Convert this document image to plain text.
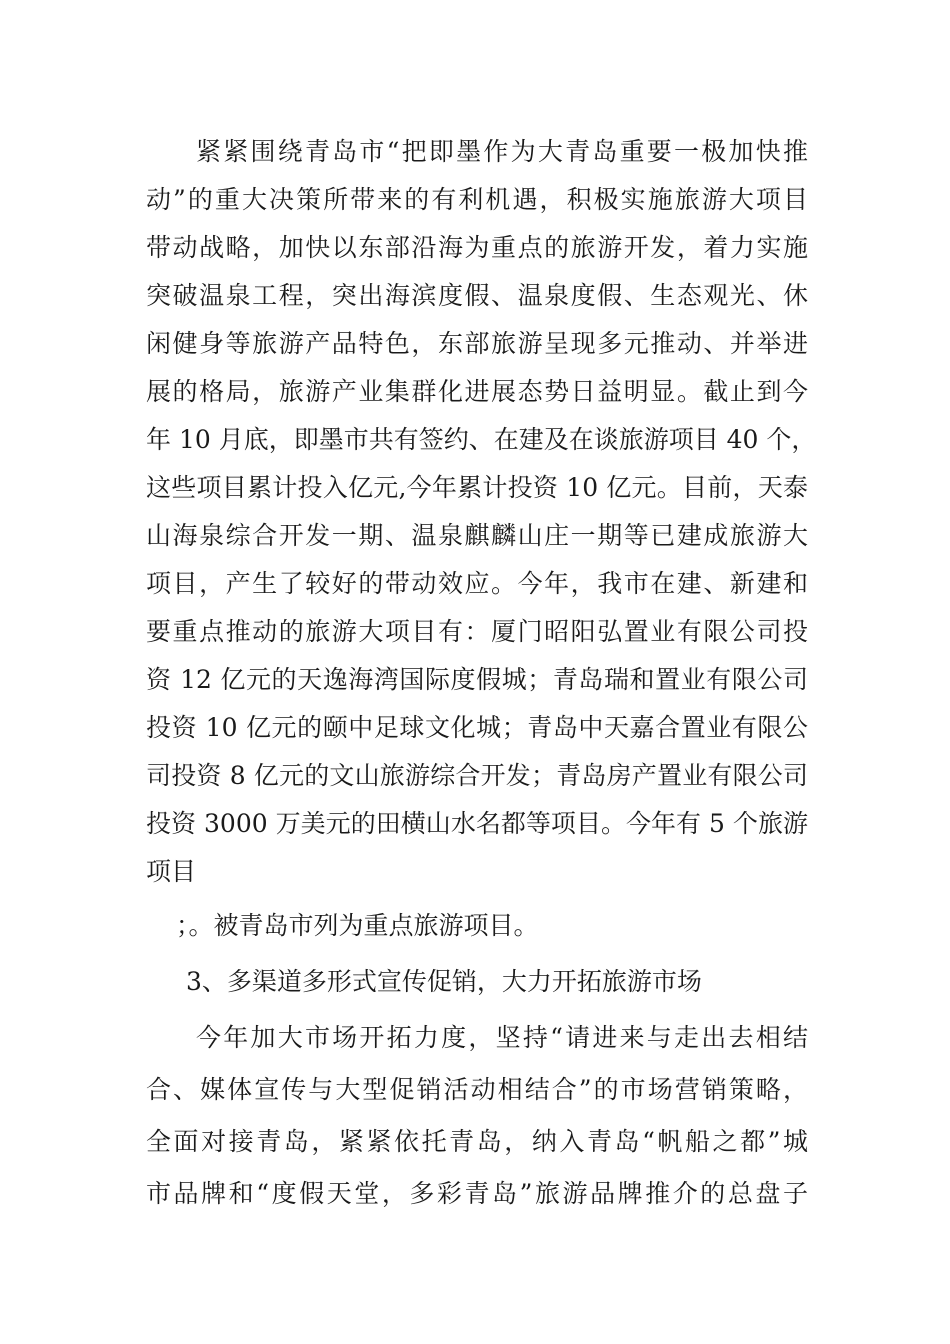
紧紧围绕青岛市“把即墨作为大青岛重要一极加快推

动”的重大决策所带来的有利机遇，积极实施旅游大项目

带动战略，加快以东部沿海为重点的旅游开发，着力实施

突破温泉工程，突出海滨度假、温泉度假、生态观光、休

闲健身等旅游产品特色，东部旅游呈现多元推动、并举进

展的格局，旅游产业集群化进展态势日益明显。截止到今

年 10 月底，即墨市共有签约、在建及在谈旅游项目 40 个，

这些项目累计投入亿元,今年累计投资 10 亿元。目前，天泰

山海泉综合开发一期、温泉麒麟山庄一期等已建成旅游大

项目，产生了较好的带动效应。今年，我市在建、新建和

要重点推动的旅游大项目有：厦门昭阳弘置业有限公司投

资 12 亿元的天逸海湾国际度假城；青岛瑞和置业有限公司

投资 10 亿元的颐中足球文化城；青岛中天嘉合置业有限公

司投资 8 亿元的文山旅游综合开发；青岛房产置业有限公司

投资 3000 万美元的田横山水名都等项目。今年有 5 个旅游

项目

；。被青岛市列为重点旅游项目。

3、多渠道多形式宣传促销，大力开拓旅游市场

今年加大市场开拓力度，坚持“请进来与走出去相结

合、媒体宣传与大型促销活动相结合”的市场营销策略，

全面对接青岛，紧紧依托青岛，纳入青岛“帆船之都”城

市品牌和“度假天堂，多彩青岛”旅游品牌推介的总盘子
